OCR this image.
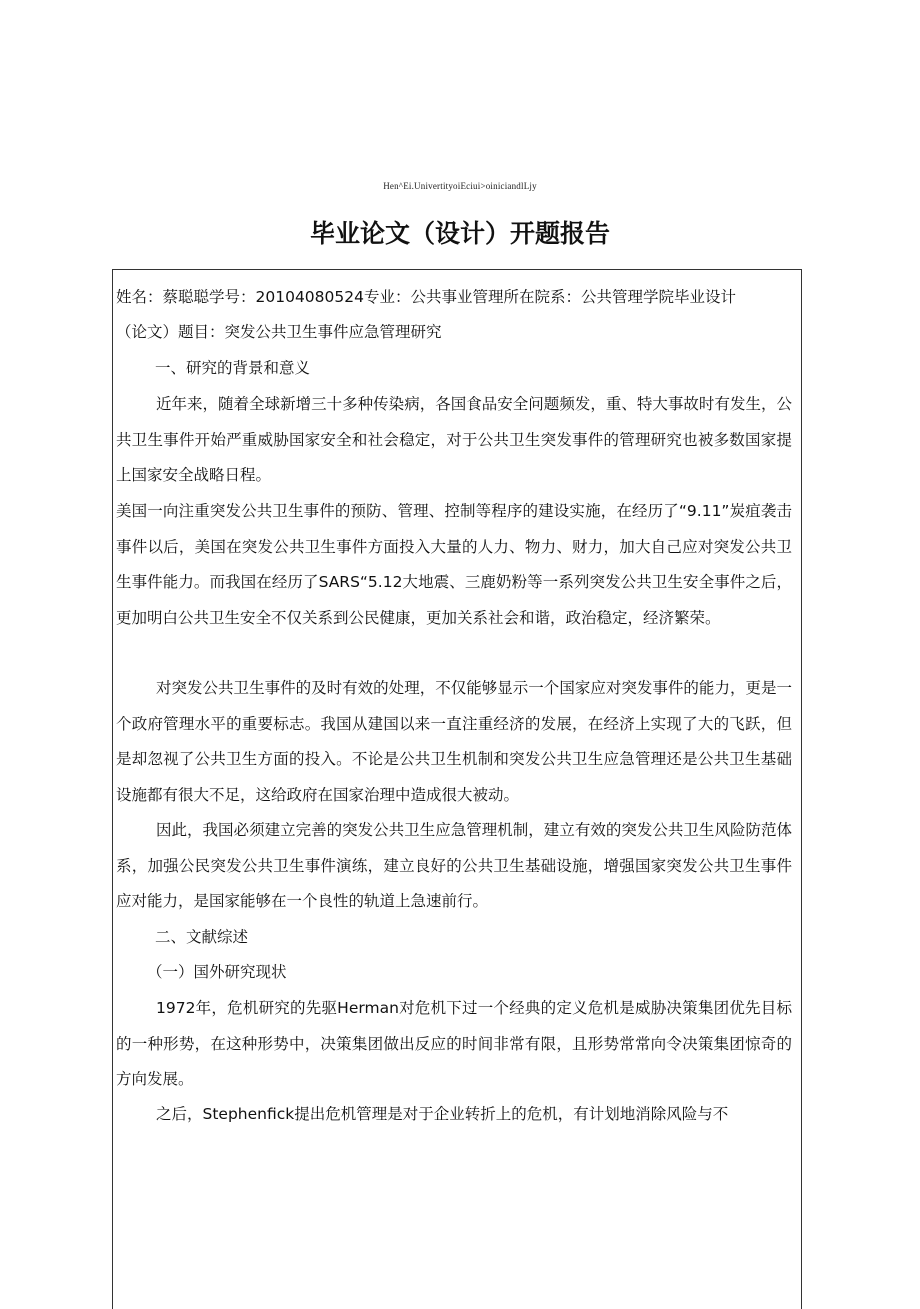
Hen^Ei.UnivertityoiEciui>oiniciandlLjy
毕业论文（设计）开题报告

姓名：蔡聪聪学号：20104080524专业：公共事业管理所在院系：公共管理学院毕业设计

（论文）题目：突发公共卫生事件应急管理研究

一、研究的背景和意义

近年来，随着全球新增三十多种传染病，各国食品安全问题频发，重、特大事故时有发生，公共卫生事件开始严重威胁国家安全和社会稳定，对于公共卫生突发事件的管理研究也被多数国家提上国家安全战略日程。

美国一向注重突发公共卫生事件的预防、管理、控制等程序的建设实施，在经历了“9.11”炭疽袭击事件以后，美国在突发公共卫生事件方面投入大量的人力、物力、财力，加大自己应对突发公共卫生事件能力。而我国在经历了SARS“5.12大地震、三鹿奶粉等一系列突发公共卫生安全事件之后，更加明白公共卫生安全不仅关系到公民健康，更加关系社会和谐，政治稳定，经济繁荣。

对突发公共卫生事件的及时有效的处理，不仅能够显示一个国家应对突发事件的能力，更是一个政府管理水平的重要标志。我国从建国以来一直注重经济的发展，在经济上实现了大的飞跃，但是却忽视了公共卫生方面的投入。不论是公共卫生机制和突发公共卫生应急管理还是公共卫生基础设施都有很大不足，这给政府在国家治理中造成很大被动。

因此，我国必须建立完善的突发公共卫生应急管理机制，建立有效的突发公共卫生风险防范体系，加强公民突发公共卫生事件演练，建立良好的公共卫生基础设施，增强国家突发公共卫生事件应对能力，是国家能够在一个良性的轨道上急速前行。

二、文献综述

（一）国外研究现状

1972年，危机研究的先驱Herman对危机下过一个经典的定义危机是威胁决策集团优先目标的一种形势，在这种形势中，决策集团做出反应的时间非常有限，且形势常常向令决策集团惊奇的方向发展。

之后，Stephenfick提出危机管理是对于企业转折上的危机，有计划地消除风险与不
